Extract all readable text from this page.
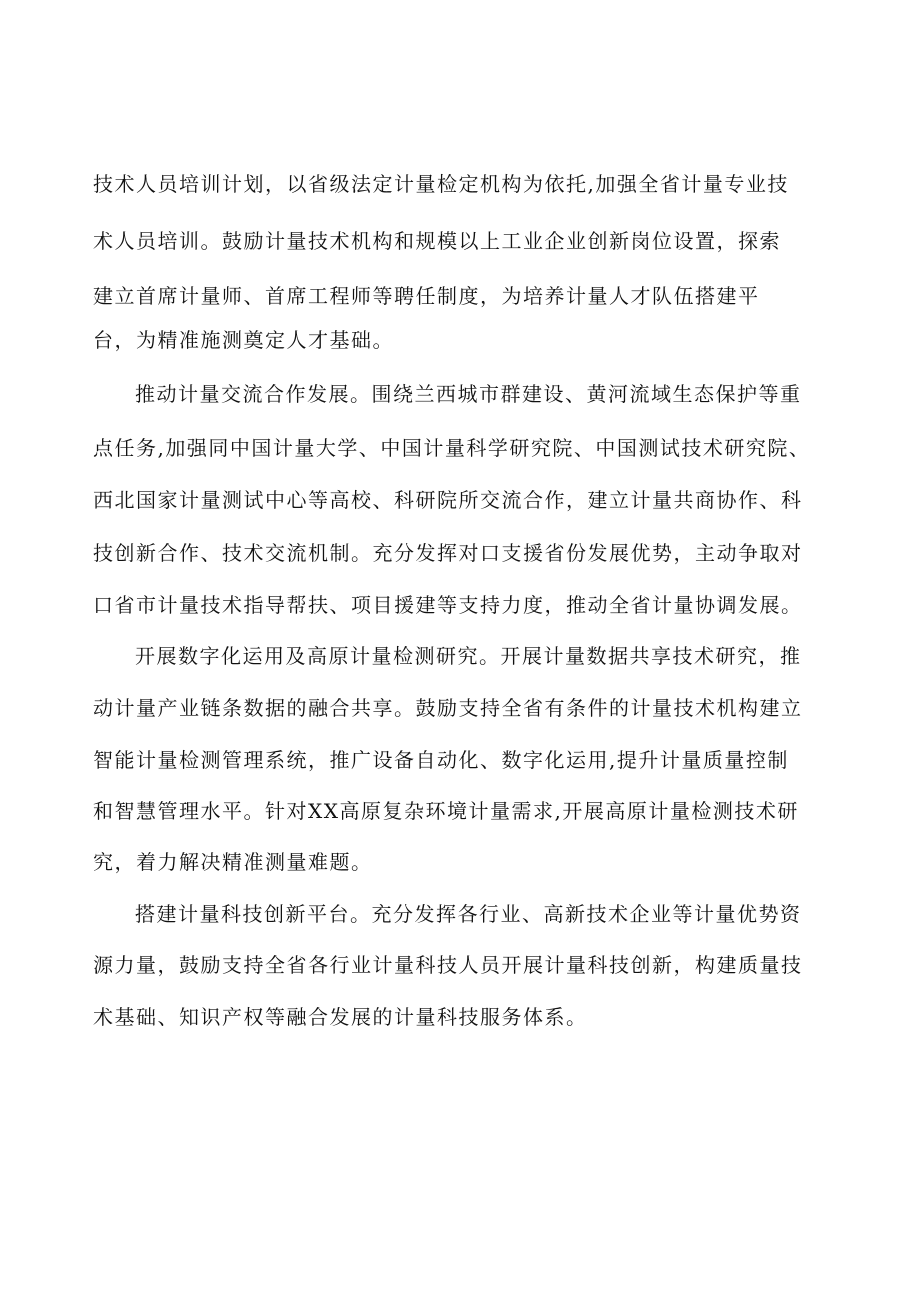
技术人员培训计划，以省级法定计量检定机构为依托,加强全省计量专业技

术人员培训。鼓励计量技术机构和规模以上工业企业创新岗位设置，探索

建立首席计量师、首席工程师等聘任制度，为培养计量人才队伍搭建平

台，为精准施测奠定人才基础。

推动计量交流合作发展。围绕兰西城市群建设、黄河流域生态保护等重

点任务,加强同中国计量大学、中国计量科学研究院、中国测试技术研究院、

西北国家计量测试中心等高校、科研院所交流合作，建立计量共商协作、科

技创新合作、技术交流机制。充分发挥对口支援省份发展优势，主动争取对

口省市计量技术指导帮扶、项目援建等支持力度，推动全省计量协调发展。

开展数字化运用及高原计量检测研究。开展计量数据共享技术研究，推

动计量产业链条数据的融合共享。鼓励支持全省有条件的计量技术机构建立

智能计量检测管理系统，推广设备自动化、数字化运用,提升计量质量控制

和智慧管理水平。针对XX高原复杂环境计量需求,开展高原计量检测技术研

究，着力解决精准测量难题。

搭建计量科技创新平台。充分发挥各行业、高新技术企业等计量优势资

源力量，鼓励支持全省各行业计量科技人员开展计量科技创新，构建质量技

术基础、知识产权等融合发展的计量科技服务体系。
